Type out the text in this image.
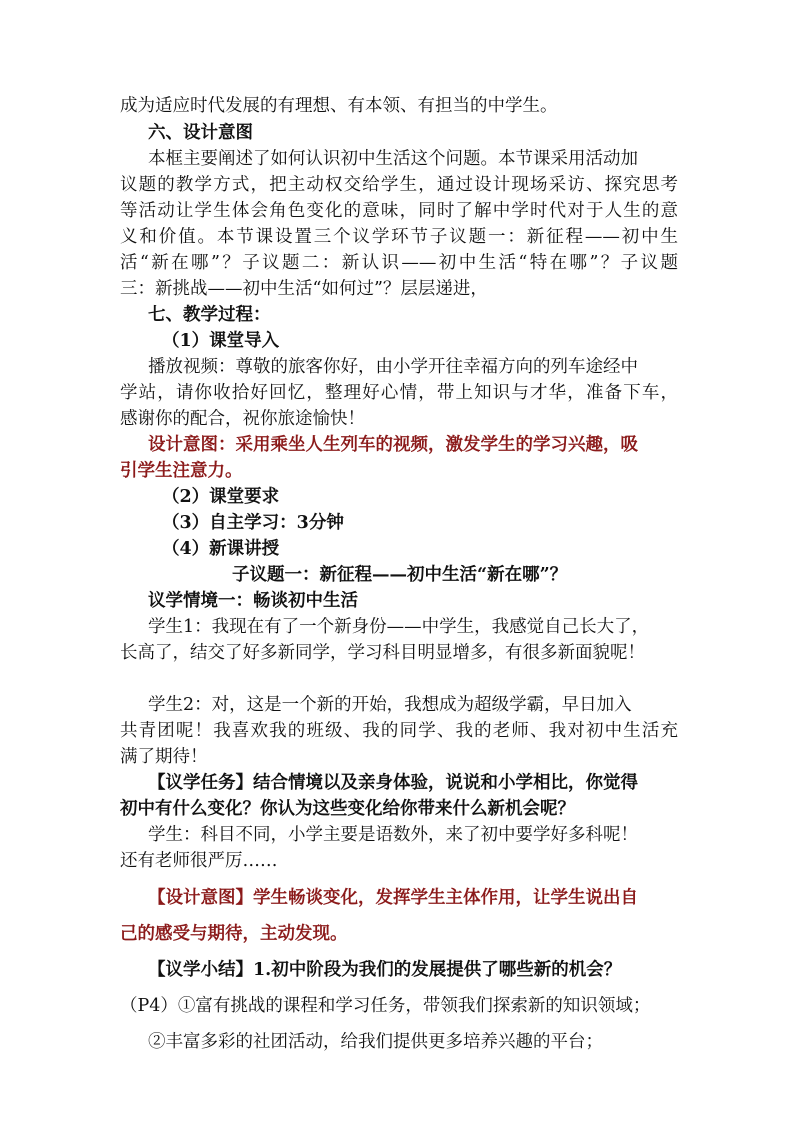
成为适应时代发展的有理想、有本领、有担当的中学生。
六、设计意图
本框主要阐述了如何认识初中生活这个问题。本节课采用活动加
议题的教学方式，把主动权交给学生，通过设计现场采访、探究思考
等活动让学生体会角色变化的意味，同时了解中学时代对于人生的意
义和价值。本节课设置三个议学环节子议题一：新征程——初中生
活“新在哪”？子议题二：新认识——初中生活“特在哪”？子议题
三：新挑战——初中生活“如何过”？层层递进，
七、教学过程：
（1）课堂导入
播放视频：尊敬的旅客你好，由小学开往幸福方向的列车途经中
学站，请你收拾好回忆，整理好心情，带上知识与才华，准备下车，
感谢你的配合，祝你旅途愉快！
设计意图：采用乘坐人生列车的视频，激发学生的学习兴趣，吸
引学生注意力。
（2）课堂要求
（3）自主学习：3分钟
（4）新课讲授
子议题一：新征程——初中生活“新在哪”？
议学情境一：畅谈初中生活
学生1：我现在有了一个新身份——中学生，我感觉自己长大了，
长高了，结交了好多新同学，学习科目明显增多，有很多新面貌呢！
学生2：对，这是一个新的开始，我想成为超级学霸，早日加入
共青团呢！我喜欢我的班级、我的同学、我的老师、我对初中生活充
满了期待！
【议学任务】结合情境以及亲身体验，说说和小学相比，你觉得
初中有什么变化？你认为这些变化给你带来什么新机会呢？
学生：科目不同，小学主要是语数外，来了初中要学好多科呢！
还有老师很严厉……
【设计意图】学生畅谈变化，发挥学生主体作用，让学生说出自
己的感受与期待，主动发现。
【议学小结】1.初中阶段为我们的发展提供了哪些新的机会？
（P4）①富有挑战的课程和学习任务，带领我们探索新的知识领域；
②丰富多彩的社团活动，给我们提供更多培养兴趣的平台；
